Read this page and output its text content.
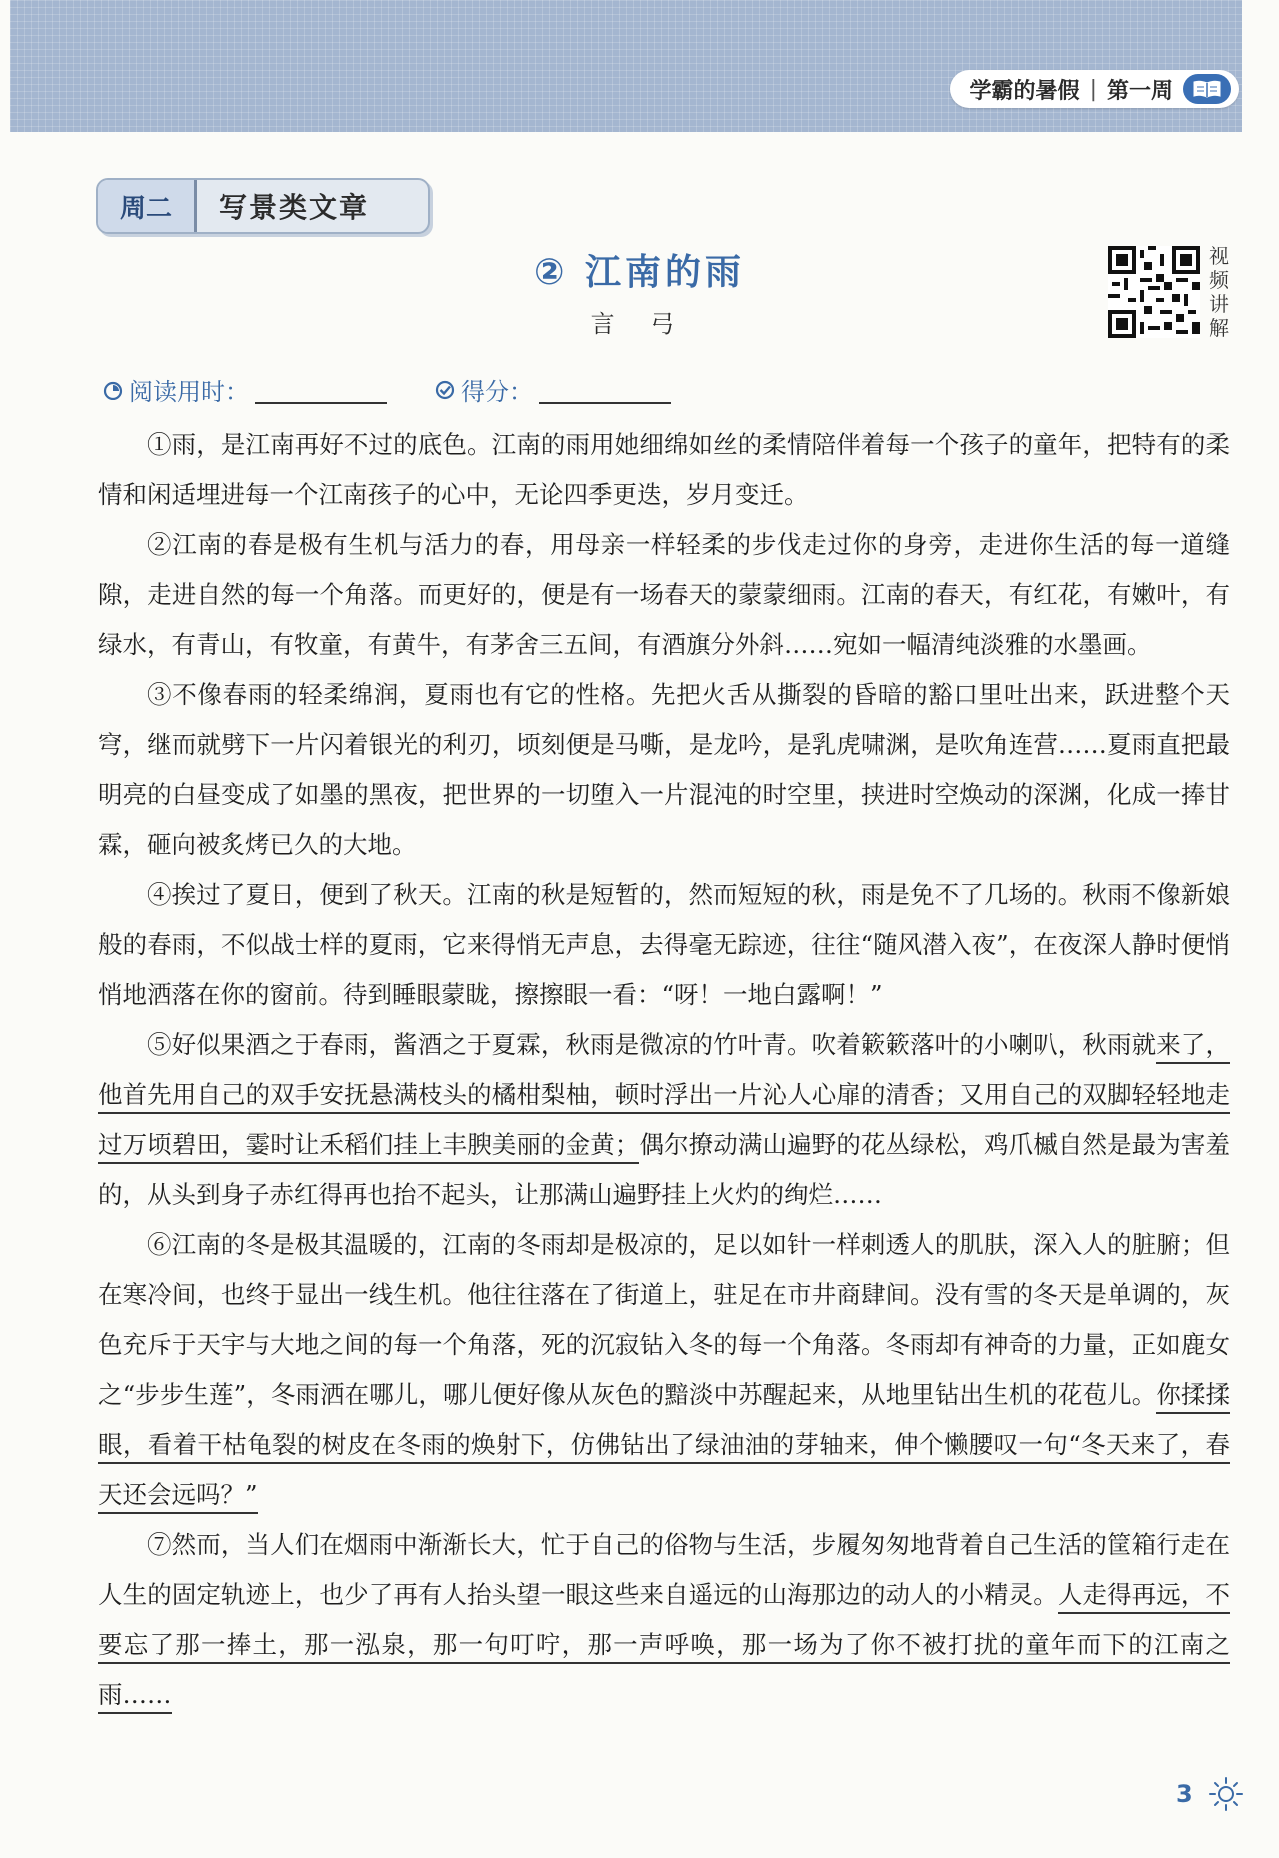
学霸的暑假 | 第一周
周二	写景类文章
② 江南的雨
言 弓
视频讲解
阅读用时：	得分：

①雨，是江南再好不过的底色。江南的雨用她细绵如丝的柔情陪伴着每一个孩子的童年，把特有的柔情和闲适埋进每一个江南孩子的心中，无论四季更迭，岁月变迁。

②江南的春是极有生机与活力的春，用母亲一样轻柔的步伐走过你的身旁，走进你生活的每一道缝隙，走进自然的每一个角落。而更好的，便是有一场春天的蒙蒙细雨。江南的春天，有红花，有嫩叶，有绿水，有青山，有牧童，有黄牛，有茅舍三五间，有酒旗分外斜……宛如一幅清纯淡雅的水墨画。

③不像春雨的轻柔绵润，夏雨也有它的性格。先把火舌从撕裂的昏暗的豁口里吐出来，跃进整个天穹，继而就劈下一片闪着银光的利刃，顷刻便是马嘶，是龙吟，是乳虎啸渊，是吹角连营……夏雨直把最明亮的白昼变成了如墨的黑夜，把世界的一切堕入一片混沌的时空里，挟进时空焕动的深渊，化成一捧甘霖，砸向被炙烤已久的大地。

④挨过了夏日，便到了秋天。江南的秋是短暂的，然而短短的秋，雨是免不了几场的。秋雨不像新娘般的春雨，不似战士样的夏雨，它来得悄无声息，去得毫无踪迹，往往“随风潜入夜”，在夜深人静时便悄悄地洒落在你的窗前。待到睡眼蒙眬，擦擦眼一看：“呀！一地白露啊！”

⑤好似果酒之于春雨，酱酒之于夏霖，秋雨是微凉的竹叶青。吹着簌簌落叶的小喇叭，秋雨就来了，他首先用自己的双手安抚悬满枝头的橘柑梨柚，顿时浮出一片沁人心扉的清香；又用自己的双脚轻轻地走过万顷碧田，霎时让禾稻们挂上丰腴美丽的金黄；偶尔撩动满山遍野的花丛绿松，鸡爪槭自然是最为害羞的，从头到身子赤红得再也抬不起头，让那满山遍野挂上火灼的绚烂……

⑥江南的冬是极其温暖的，江南的冬雨却是极凉的，足以如针一样刺透人的肌肤，深入人的脏腑；但在寒冷间，也终于显出一线生机。他往往落在了街道上，驻足在市井商肆间。没有雪的冬天是单调的，灰色充斥于天宇与大地之间的每一个角落，死的沉寂钻入冬的每一个角落。冬雨却有神奇的力量，正如鹿女之“步步生莲”，冬雨洒在哪儿，哪儿便好像从灰色的黯淡中苏醒起来，从地里钻出生机的花苞儿。你揉揉眼，看着干枯龟裂的树皮在冬雨的焕射下，仿佛钻出了绿油油的芽轴来，伸个懒腰叹一句“冬天来了，春天还会远吗？”

⑦然而，当人们在烟雨中渐渐长大，忙于自己的俗物与生活，步履匆匆地背着自己生活的筐箱行走在人生的固定轨迹上，也少了再有人抬头望一眼这些来自遥远的山海那边的动人的小精灵。人走得再远，不要忘了那一捧土，那一泓泉，那一句叮咛，那一声呼唤，那一场为了你不被打扰的童年而下的江南之雨……

3
